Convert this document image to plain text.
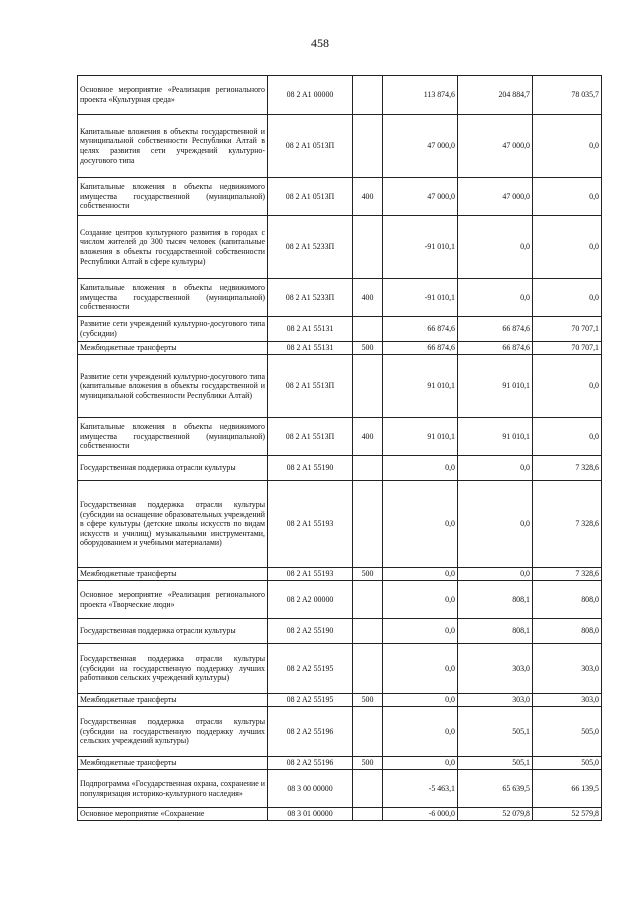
458
Основное мероприятие «Реализация регионального проекта «Культурная среда»	08 2 A1 00000		113 874,6	204 884,7	78 035,7
Капитальные вложения в объекты государственной и муниципальной собственности Республики Алтай в целях развития сети учреждений культурно-досугового типа	08 2 A1 0513П		47 000,0	47 000,0	0,0
Капитальные вложения в объекты недвижимого имущества государственной (муниципальной) собственности	08 2 A1 0513П	400	47 000,0	47 000,0	0,0
Создание центров культурного развития в городах с числом жителей до 300 тысяч человек (капитальные вложения в объекты государственной собственности Республики Алтай в сфере культуры)	08 2 A1 5233П		-91 010,1	0,0	0,0
Капитальные вложения в объекты недвижимого имущества государственной (муниципальной) собственности	08 2 A1 5233П	400	-91 010,1	0,0	0,0
Развитие сети учреждений культурно-досугового типа (субсидии)	08 2 A1 55131		66 874,6	66 874,6	70 707,1
Межбюджетные трансферты	08 2 A1 55131	500	66 874,6	66 874,6	70 707,1
Развитие сети учреждений культурно-досугового типа (капитальные вложения в объекты государственной и муниципальной собственности Республики Алтай)	08 2 A1 5513П		91 010,1	91 010,1	0,0
Капитальные вложения в объекты недвижимого имущества государственной (муниципальной) собственности	08 2 A1 5513П	400	91 010,1	91 010,1	0,0
Государственная поддержка отрасли культуры	08 2 A1 55190		0,0	0,0	7 328,6
Государственная поддержка отрасли культуры (субсидии на оснащение образовательных учреждений в сфере культуры (детские школы искусств по видам искусств и училищ) музыкальными инструментами, оборудованием и учебными материалами)	08 2 A1 55193		0,0	0,0	7 328,6
Межбюджетные трансферты	08 2 A1 55193	500	0,0	0,0	7 328,6
Основное мероприятие «Реализация регионального проекта «Творческие люди»	08 2 A2 00000		0,0	808,1	808,0
Государственная поддержка отрасли культуры	08 2 A2 55190		0,0	808,1	808,0
Государственная поддержка отрасли культуры (субсидии на государственную поддержку лучших работников сельских учреждений культуры)	08 2 A2 55195		0,0	303,0	303,0
Межбюджетные трансферты	08 2 A2 55195	500	0,0	303,0	303,0
Государственная поддержка отрасли культуры (субсидии на государственную поддержку лучших сельских учреждений культуры)	08 2 A2 55196		0,0	505,1	505,0
Межбюджетные трансферты	08 2 A2 55196	500	0,0	505,1	505,0
Подпрограмма «Государственная охрана, сохранение и популяризация историко-культурного наследия»	08 3 00 00000		-5 463,1	65 639,5	66 139,5
Основное мероприятие «Сохранение	08 3 01 00000		-6 000,0	52 079,8	52 579,8
